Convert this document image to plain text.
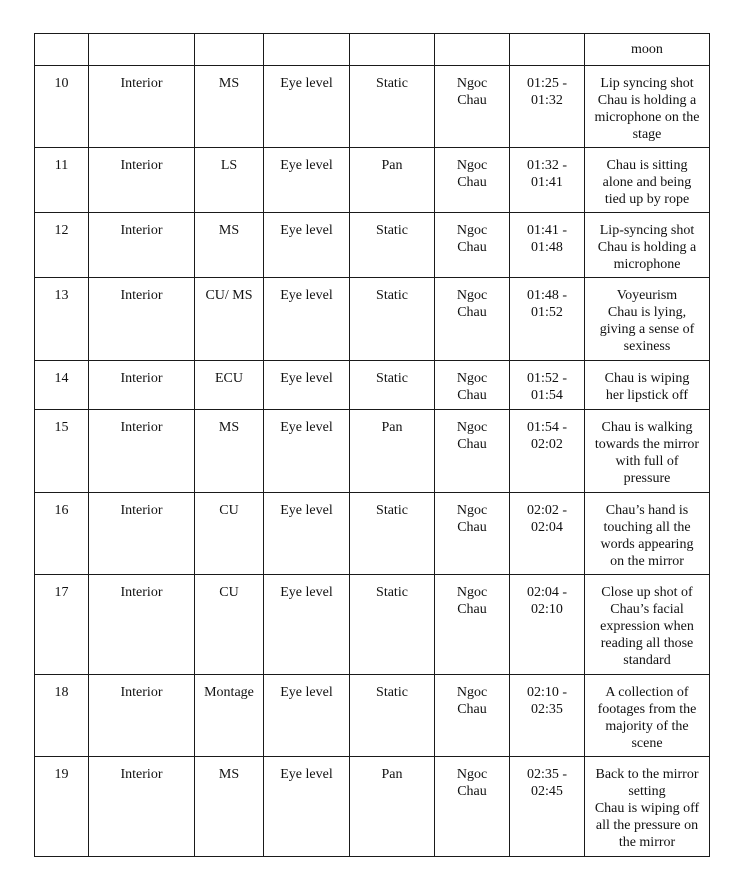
							moon

10	Interior	MS	Eye level	Static	Ngoc
Chau	01:25 -
01:32	Lip syncing shot
Chau is holding a
microphone on the
stage

11	Interior	LS	Eye level	Pan	Ngoc
Chau	01:32 -
01:41	Chau is sitting
alone and being
tied up by rope

12	Interior	MS	Eye level	Static	Ngoc
Chau	01:41 -
01:48	Lip-syncing shot
Chau is holding a
microphone

13	Interior	CU/ MS	Eye level	Static	Ngoc
Chau	01:48 -
01:52	Voyeurism
Chau is lying,
giving a sense of
sexiness

14	Interior	ECU	Eye level	Static	Ngoc
Chau	01:52 -
01:54	Chau is wiping
her lipstick off

15	Interior	MS	Eye level	Pan	Ngoc
Chau	01:54 -
02:02	Chau is walking
towards the mirror
with full of
pressure

16	Interior	CU	Eye level	Static	Ngoc
Chau	02:02 -
02:04	Chau’s hand is
touching all the
words appearing
on the mirror

17	Interior	CU	Eye level	Static	Ngoc
Chau	02:04 -
02:10	Close up shot of
Chau’s facial
expression when
reading all those
standard

18	Interior	Montage	Eye level	Static	Ngoc
Chau	02:10 -
02:35	A collection of
footages from the
majority of the
scene

19	Interior	MS	Eye level	Pan	Ngoc
Chau	02:35 -
02:45	Back to the mirror
setting
Chau is wiping off
all the pressure on
the mirror
